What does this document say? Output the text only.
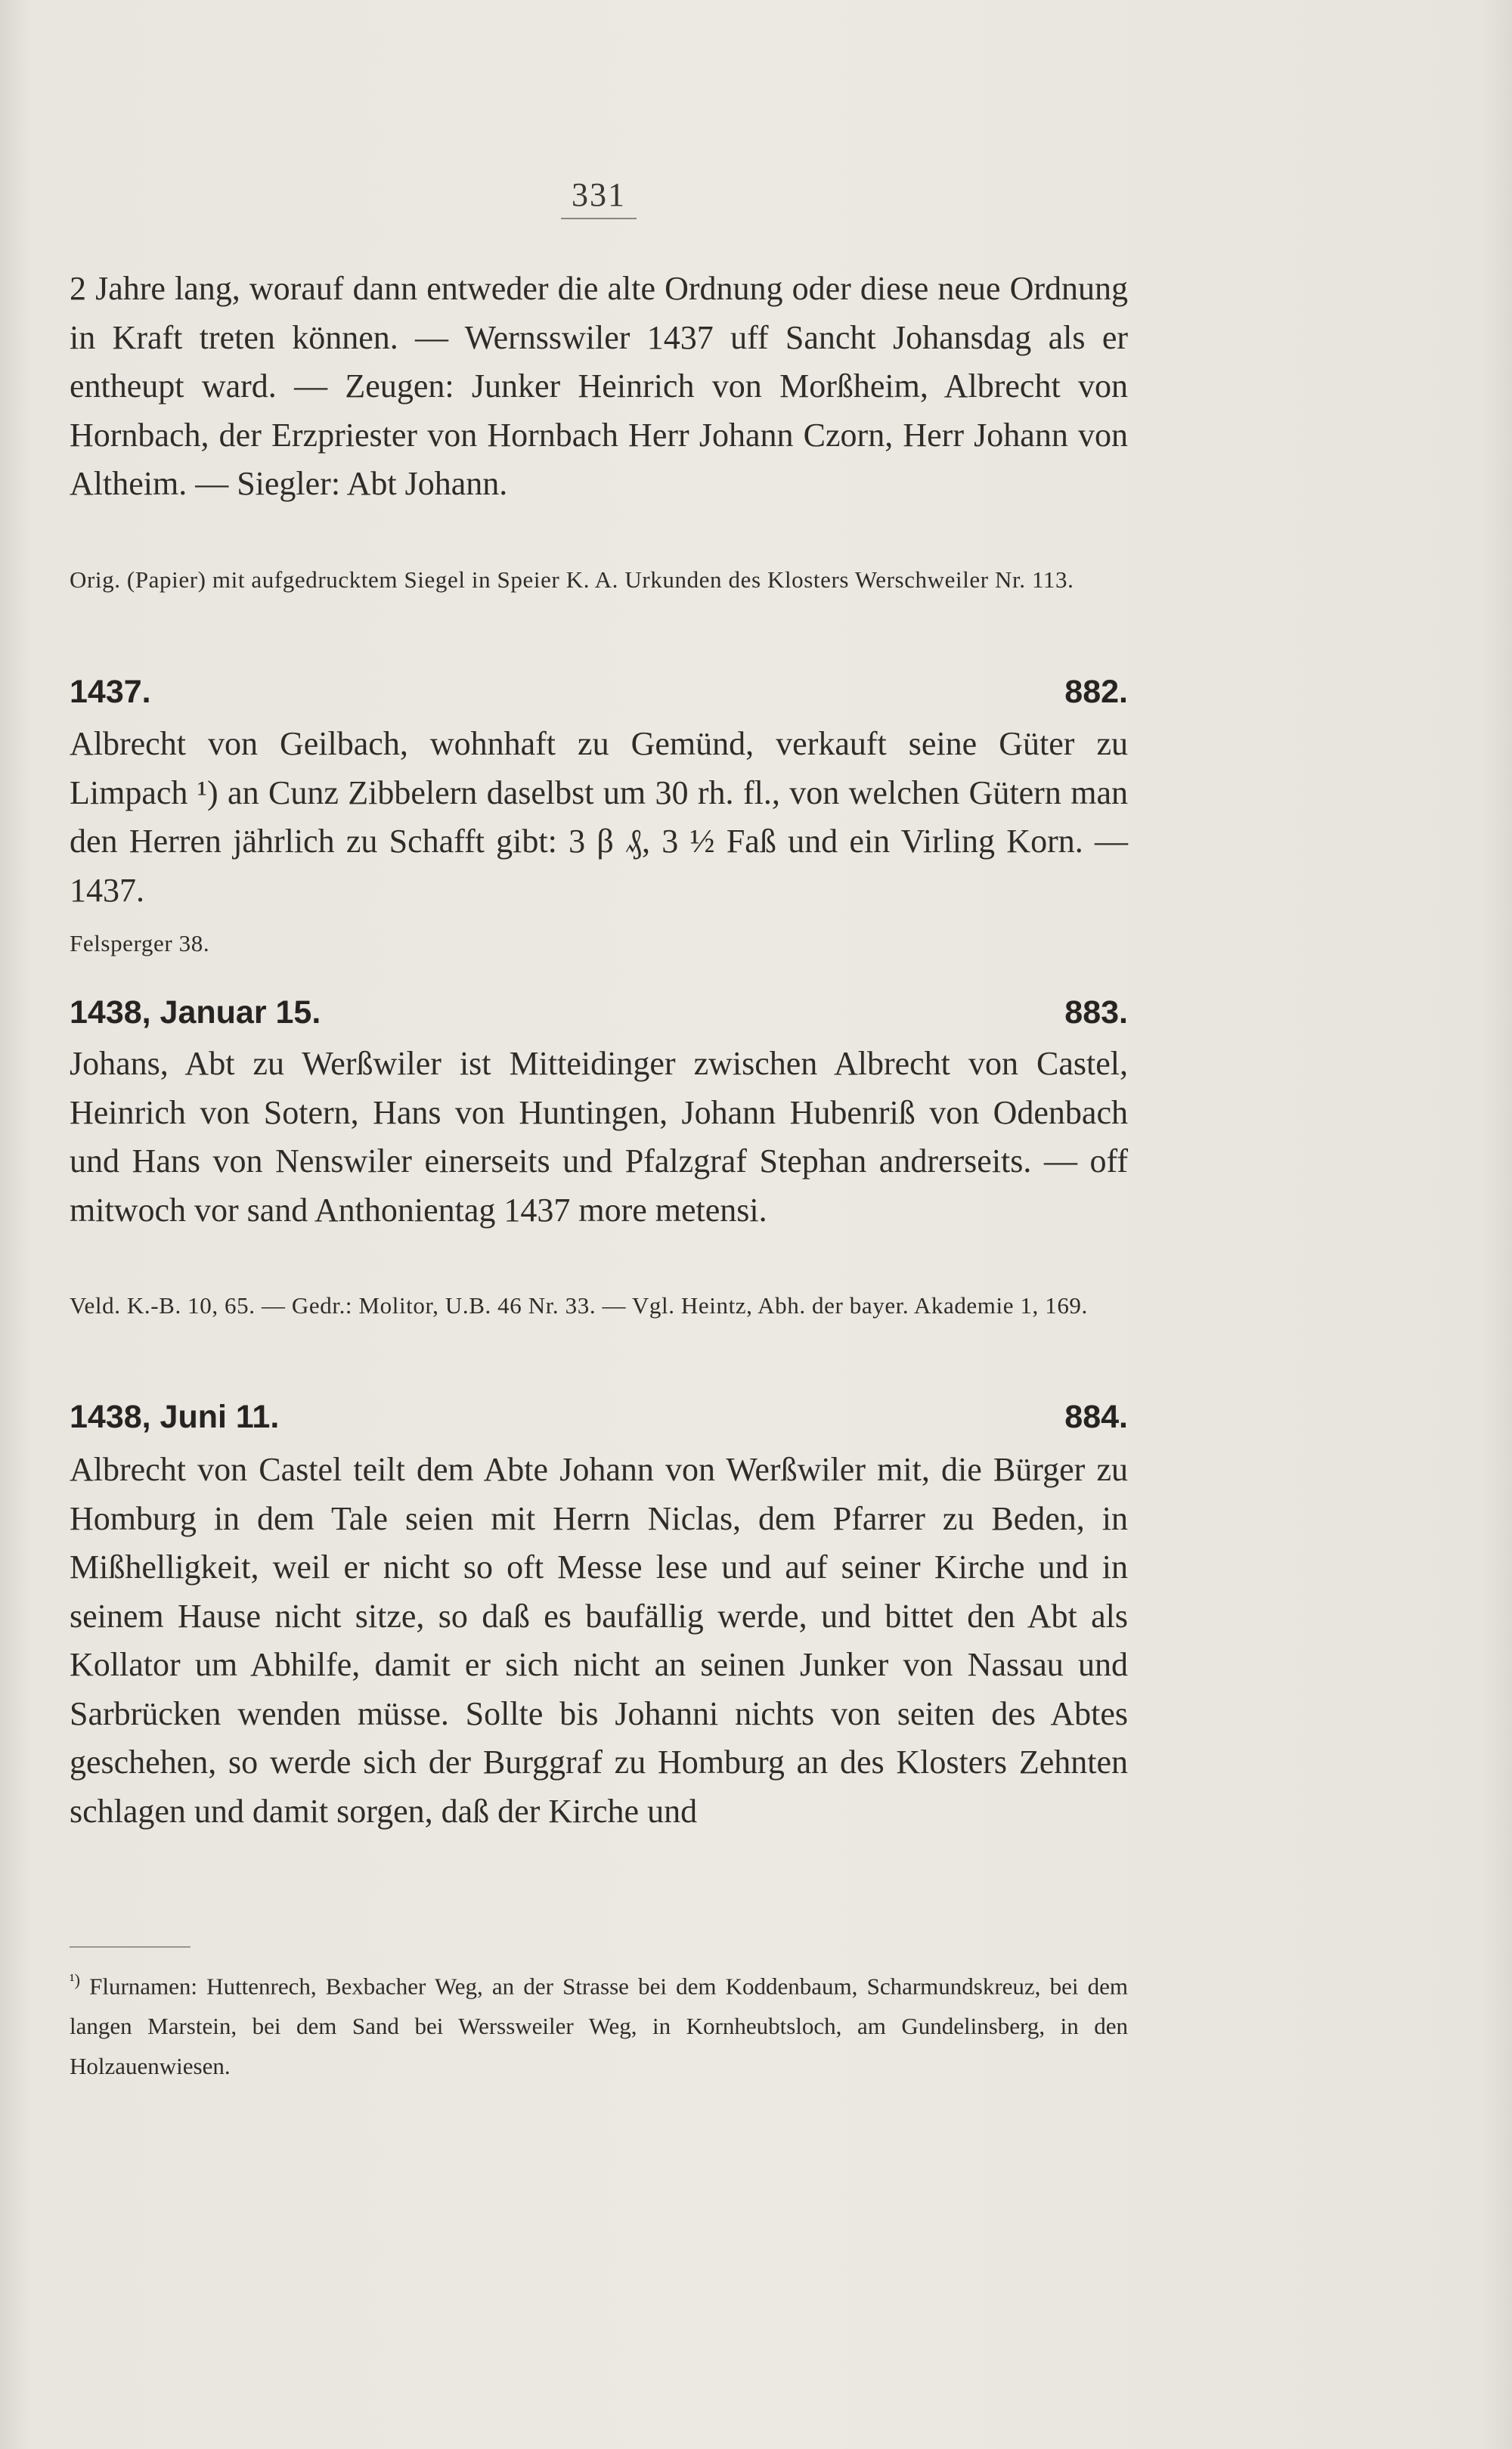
331

2 Jahre lang, worauf dann entweder die alte Ordnung oder diese neue Ordnung in Kraft treten können. — Wernsswiler 1437 uff Sancht Johansdag als er entheupt ward. — Zeugen: Junker Heinrich von Morßheim, Albrecht von Hornbach, der Erzpriester von Hornbach Herr Johann Czorn, Herr Johann von Altheim. — Siegler: Abt Johann.

Orig. (Papier) mit aufgedrucktem Siegel in Speier K. A. Urkunden des Klosters Werschweiler Nr. 113.

1437.	882.

Albrecht von Geilbach, wohnhaft zu Gemünd, verkauft seine Güter zu Limpach ¹) an Cunz Zibbelern daselbst um 30 rh. fl., von welchen Gütern man den Herren jährlich zu Schafft gibt: 3 β ₰, 3 ½ Faß und ein Virling Korn. — 1437.

Felsperger 38.

1438, Januar 15.	883.

Johans, Abt zu Werßwiler ist Mitteidinger zwischen Albrecht von Castel, Heinrich von Sotern, Hans von Huntingen, Johann Hubenriß von Odenbach und Hans von Nenswiler einerseits und Pfalzgraf Stephan andrerseits. — off mitwoch vor sand Anthonientag 1437 more metensi.

Veld. K.-B. 10, 65. — Gedr.: Molitor, U.B. 46 Nr. 33. — Vgl. Heintz, Abh. der bayer. Akademie 1, 169.

1438, Juni 11.	884.

Albrecht von Castel teilt dem Abte Johann von Werßwiler mit, die Bürger zu Homburg in dem Tale seien mit Herrn Niclas, dem Pfarrer zu Beden, in Mißhelligkeit, weil er nicht so oft Messe lese und auf seiner Kirche und in seinem Hause nicht sitze, so daß es baufällig werde, und bittet den Abt als Kollator um Abhilfe, damit er sich nicht an seinen Junker von Nassau und Sarbrücken wenden müsse. Sollte bis Johanni nichts von seiten des Abtes geschehen, so werde sich der Burggraf zu Homburg an des Klosters Zehnten schlagen und damit sorgen, daß der Kirche und

$^{^1)}$ Flurnamen: Huttenrech, Bexbacher Weg, an der Strasse bei dem Koddenbaum, Scharmundskreuz, bei dem langen Marstein, bei dem Sand bei Werssweiler Weg, in Kornheubtsloch, am Gundelinsberg, in den Holzauenwiesen.
